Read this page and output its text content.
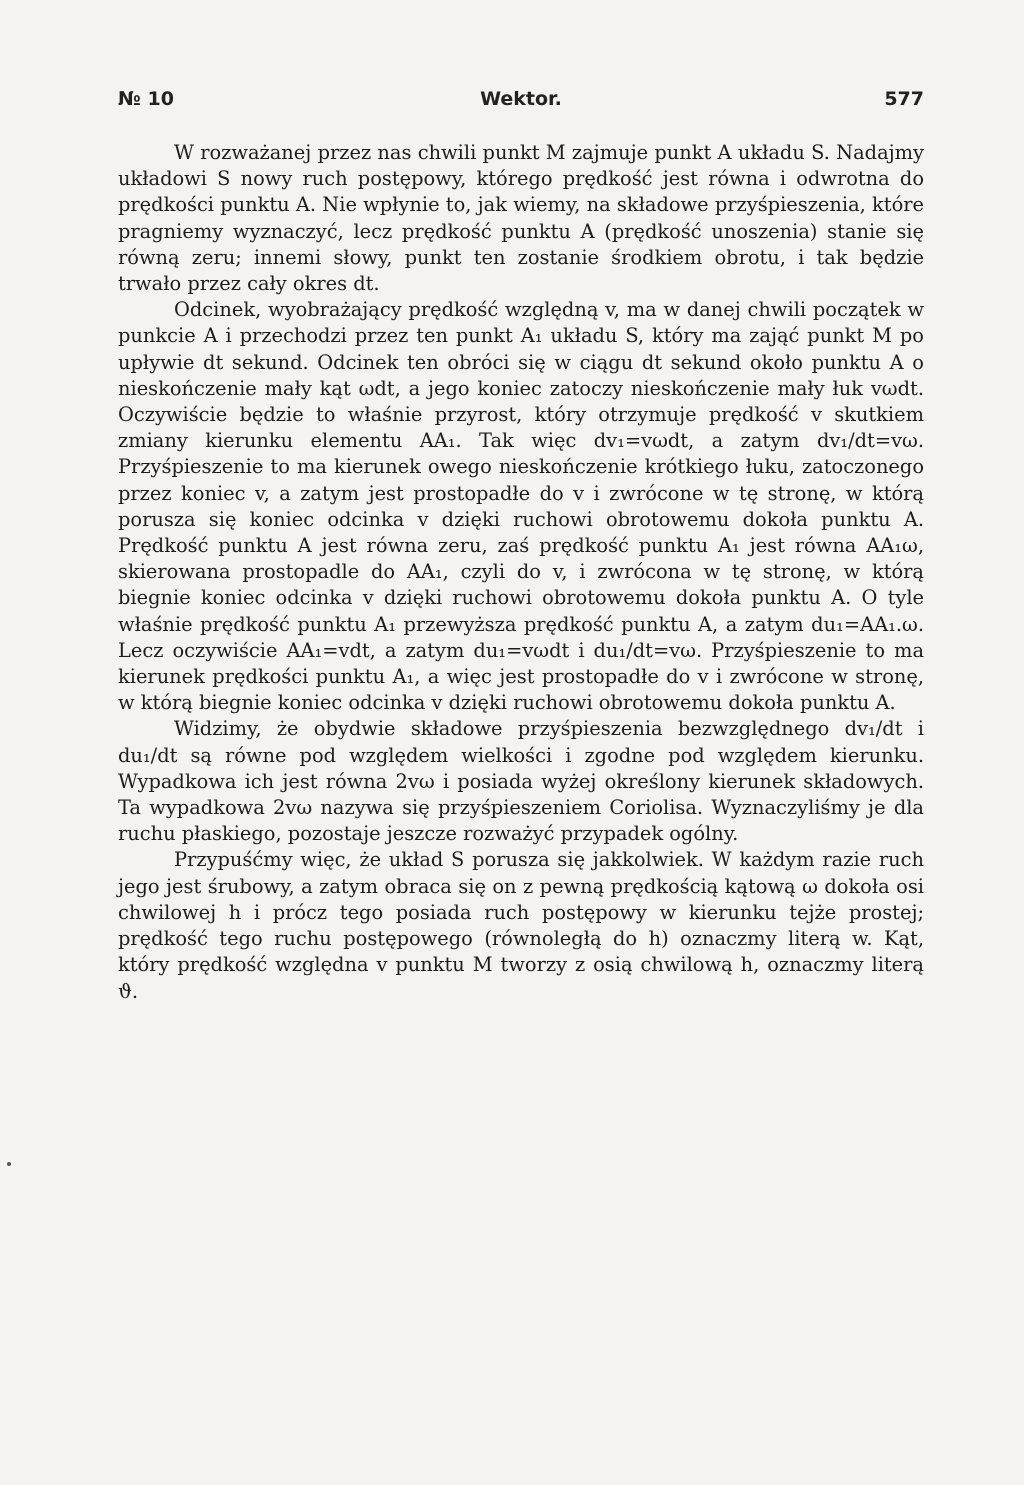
№ 10	Wektor.	577

W rozważanej przez nas chwili punkt M zajmuje punkt A układu S. Nadajmy układowi S nowy ruch postępowy, którego prędkość jest równa i odwrotna do prędkości punktu A. Nie wpłynie to, jak wiemy, na składowe przyśpieszenia, które pragniemy wyznaczyć, lecz prędkość punktu A (prędkość unoszenia) stanie się równą zeru; innemi słowy, punkt ten zostanie środkiem obrotu, i tak będzie trwało przez cały okres dt.

Odcinek, wyobrażający prędkość względną v, ma w danej chwili początek w punkcie A i przechodzi przez ten punkt A₁ układu S, który ma zająć punkt M po upływie dt sekund. Odcinek ten obróci się w ciągu dt sekund około punktu A o nieskończenie mały kąt ωdt, a jego koniec zatoczy nieskończenie mały łuk vωdt. Oczywiście będzie to właśnie przyrost, który otrzymuje prędkość v skutkiem zmiany kierunku elementu AA₁. Tak więc dv₁=vωdt, a zatym dv₁/dt=vω. Przyśpieszenie to ma kierunek owego nieskończenie krótkiego łuku, zatoczonego przez koniec v, a zatym jest prostopadłe do v i zwrócone w tę stronę, w którą porusza się koniec odcinka v dzięki ruchowi obrotowemu dokoła punktu A. Prędkość punktu A jest równa zeru, zaś prędkość punktu A₁ jest równa AA₁ω, skierowana prostopadle do AA₁, czyli do v, i zwrócona w tę stronę, w którą biegnie koniec odcinka v dzięki ruchowi obrotowemu dokoła punktu A. O tyle właśnie prędkość punktu A₁ przewyższa prędkość punktu A, a zatym du₁=AA₁.ω. Lecz oczywiście AA₁=vdt, a zatym du₁=vωdt i du₁/dt=vω. Przyśpieszenie to ma kierunek prędkości punktu A₁, a więc jest prostopadłe do v i zwrócone w stronę, w którą biegnie koniec odcinka v dzięki ruchowi obrotowemu dokoła punktu A.

Widzimy, że obydwie składowe przyśpieszenia bezwzględnego dv₁/dt i du₁/dt są równe pod względem wielkości i zgodne pod względem kierunku. Wypadkowa ich jest równa 2vω i posiada wyżej określony kierunek składowych. Ta wypadkowa 2vω nazywa się przyśpieszeniem Coriolisa. Wyznaczyliśmy je dla ruchu płaskiego, pozostaje jeszcze rozważyć przypadek ogólny.

Przypuśćmy więc, że układ S porusza się jakkolwiek. W każdym razie ruch jego jest śrubowy, a zatym obraca się on z pewną prędkością kątową ω dokoła osi chwilowej h i prócz tego posiada ruch postępowy w kierunku tejże prostej; prędkość tego ruchu postępowego (równoległą do h) oznaczmy literą w. Kąt, który prędkość względna v punktu M tworzy z osią chwilową h, oznaczmy literą ϑ.
